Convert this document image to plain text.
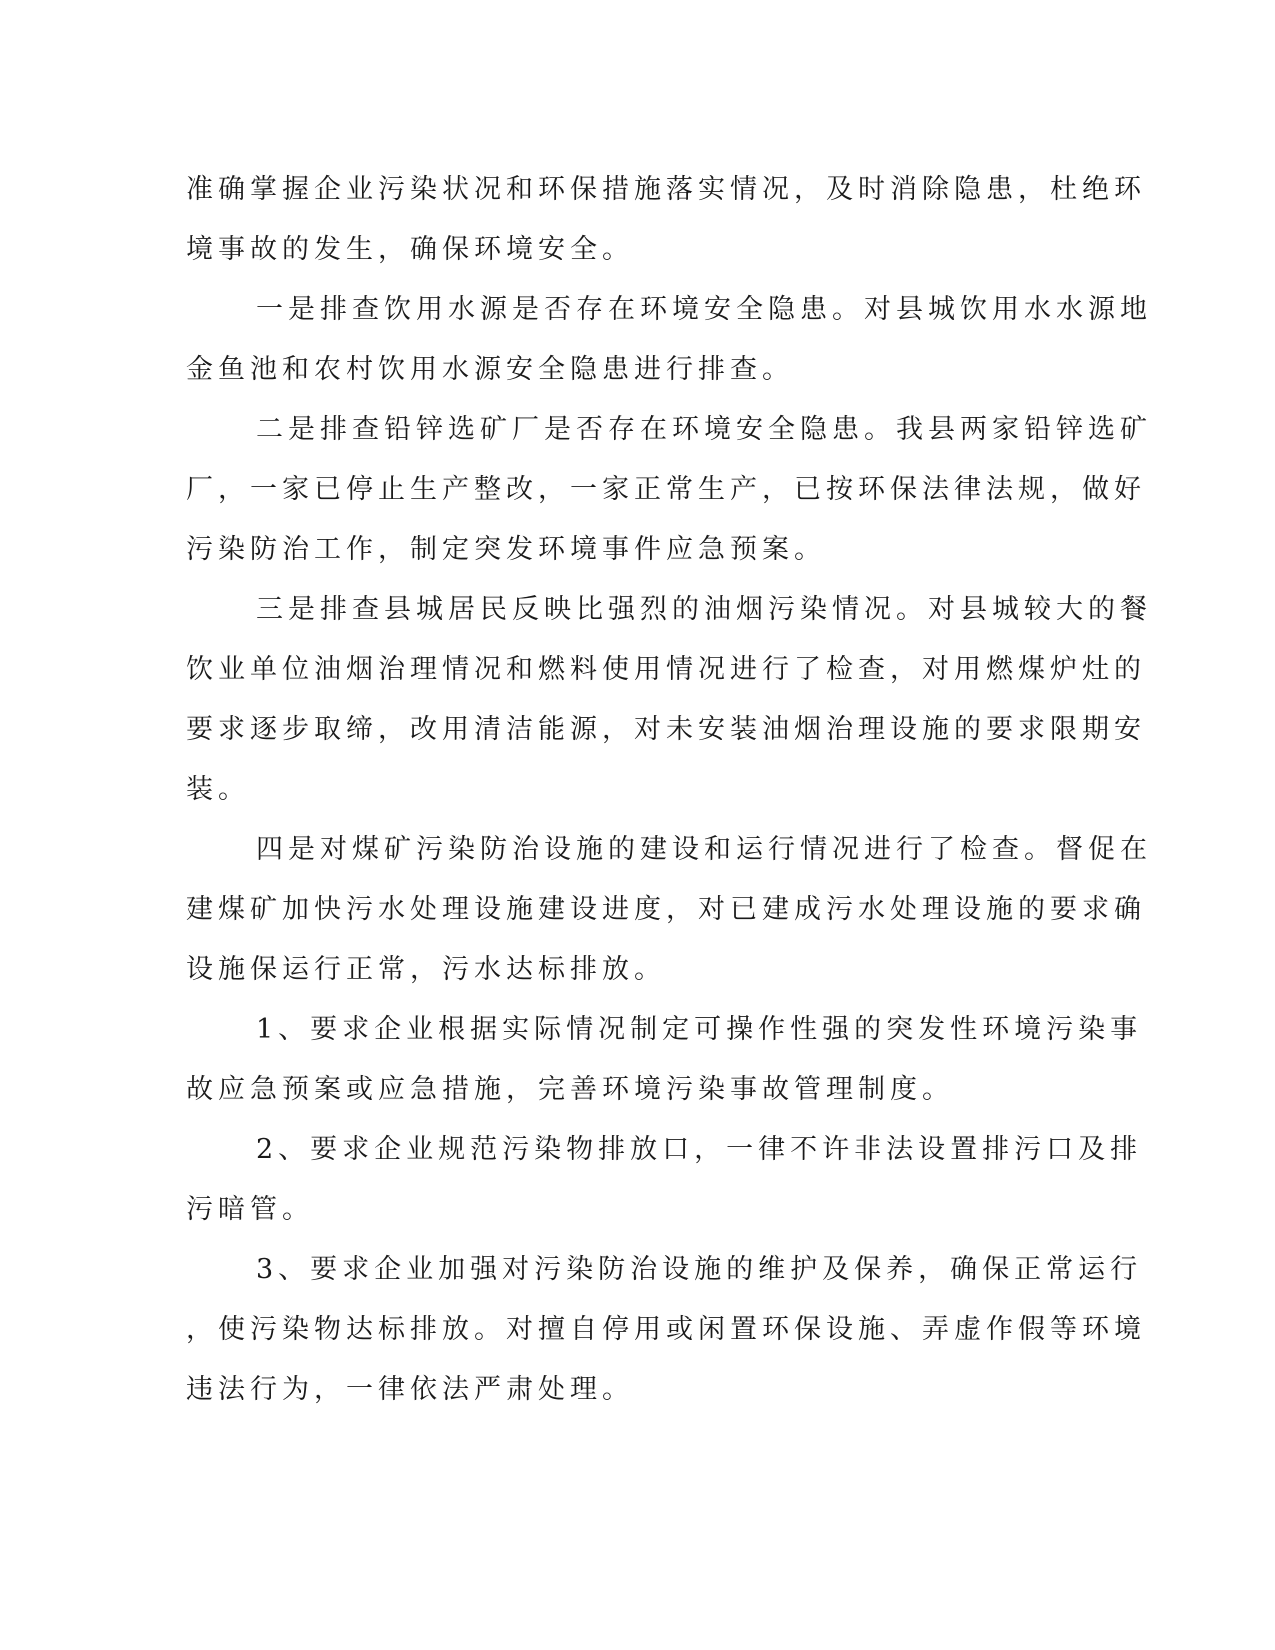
准确掌握企业污染状况和环保措施落实情况，及时消除隐患，杜绝环
境事故的发生，确保环境安全。
一是排查饮用水源是否存在环境安全隐患。对县城饮用水水源地
金鱼池和农村饮用水源安全隐患进行排查。
二是排查铅锌选矿厂是否存在环境安全隐患。我县两家铅锌选矿
厂，一家已停止生产整改，一家正常生产，已按环保法律法规，做好
污染防治工作，制定突发环境事件应急预案。
三是排查县城居民反映比强烈的油烟污染情况。对县城较大的餐
饮业单位油烟治理情况和燃料使用情况进行了检查，对用燃煤炉灶的
要求逐步取缔，改用清洁能源，对未安装油烟治理设施的要求限期安
装。
四是对煤矿污染防治设施的建设和运行情况进行了检查。督促在
建煤矿加快污水处理设施建设进度，对已建成污水处理设施的要求确
设施保运行正常，污水达标排放。
1、要求企业根据实际情况制定可操作性强的突发性环境污染事
故应急预案或应急措施，完善环境污染事故管理制度。
2、要求企业规范污染物排放口，一律不许非法设置排污口及排
污暗管。
3、要求企业加强对污染防治设施的维护及保养，确保正常运行
，使污染物达标排放。对擅自停用或闲置环保设施、弄虚作假等环境
违法行为，一律依法严肃处理。
